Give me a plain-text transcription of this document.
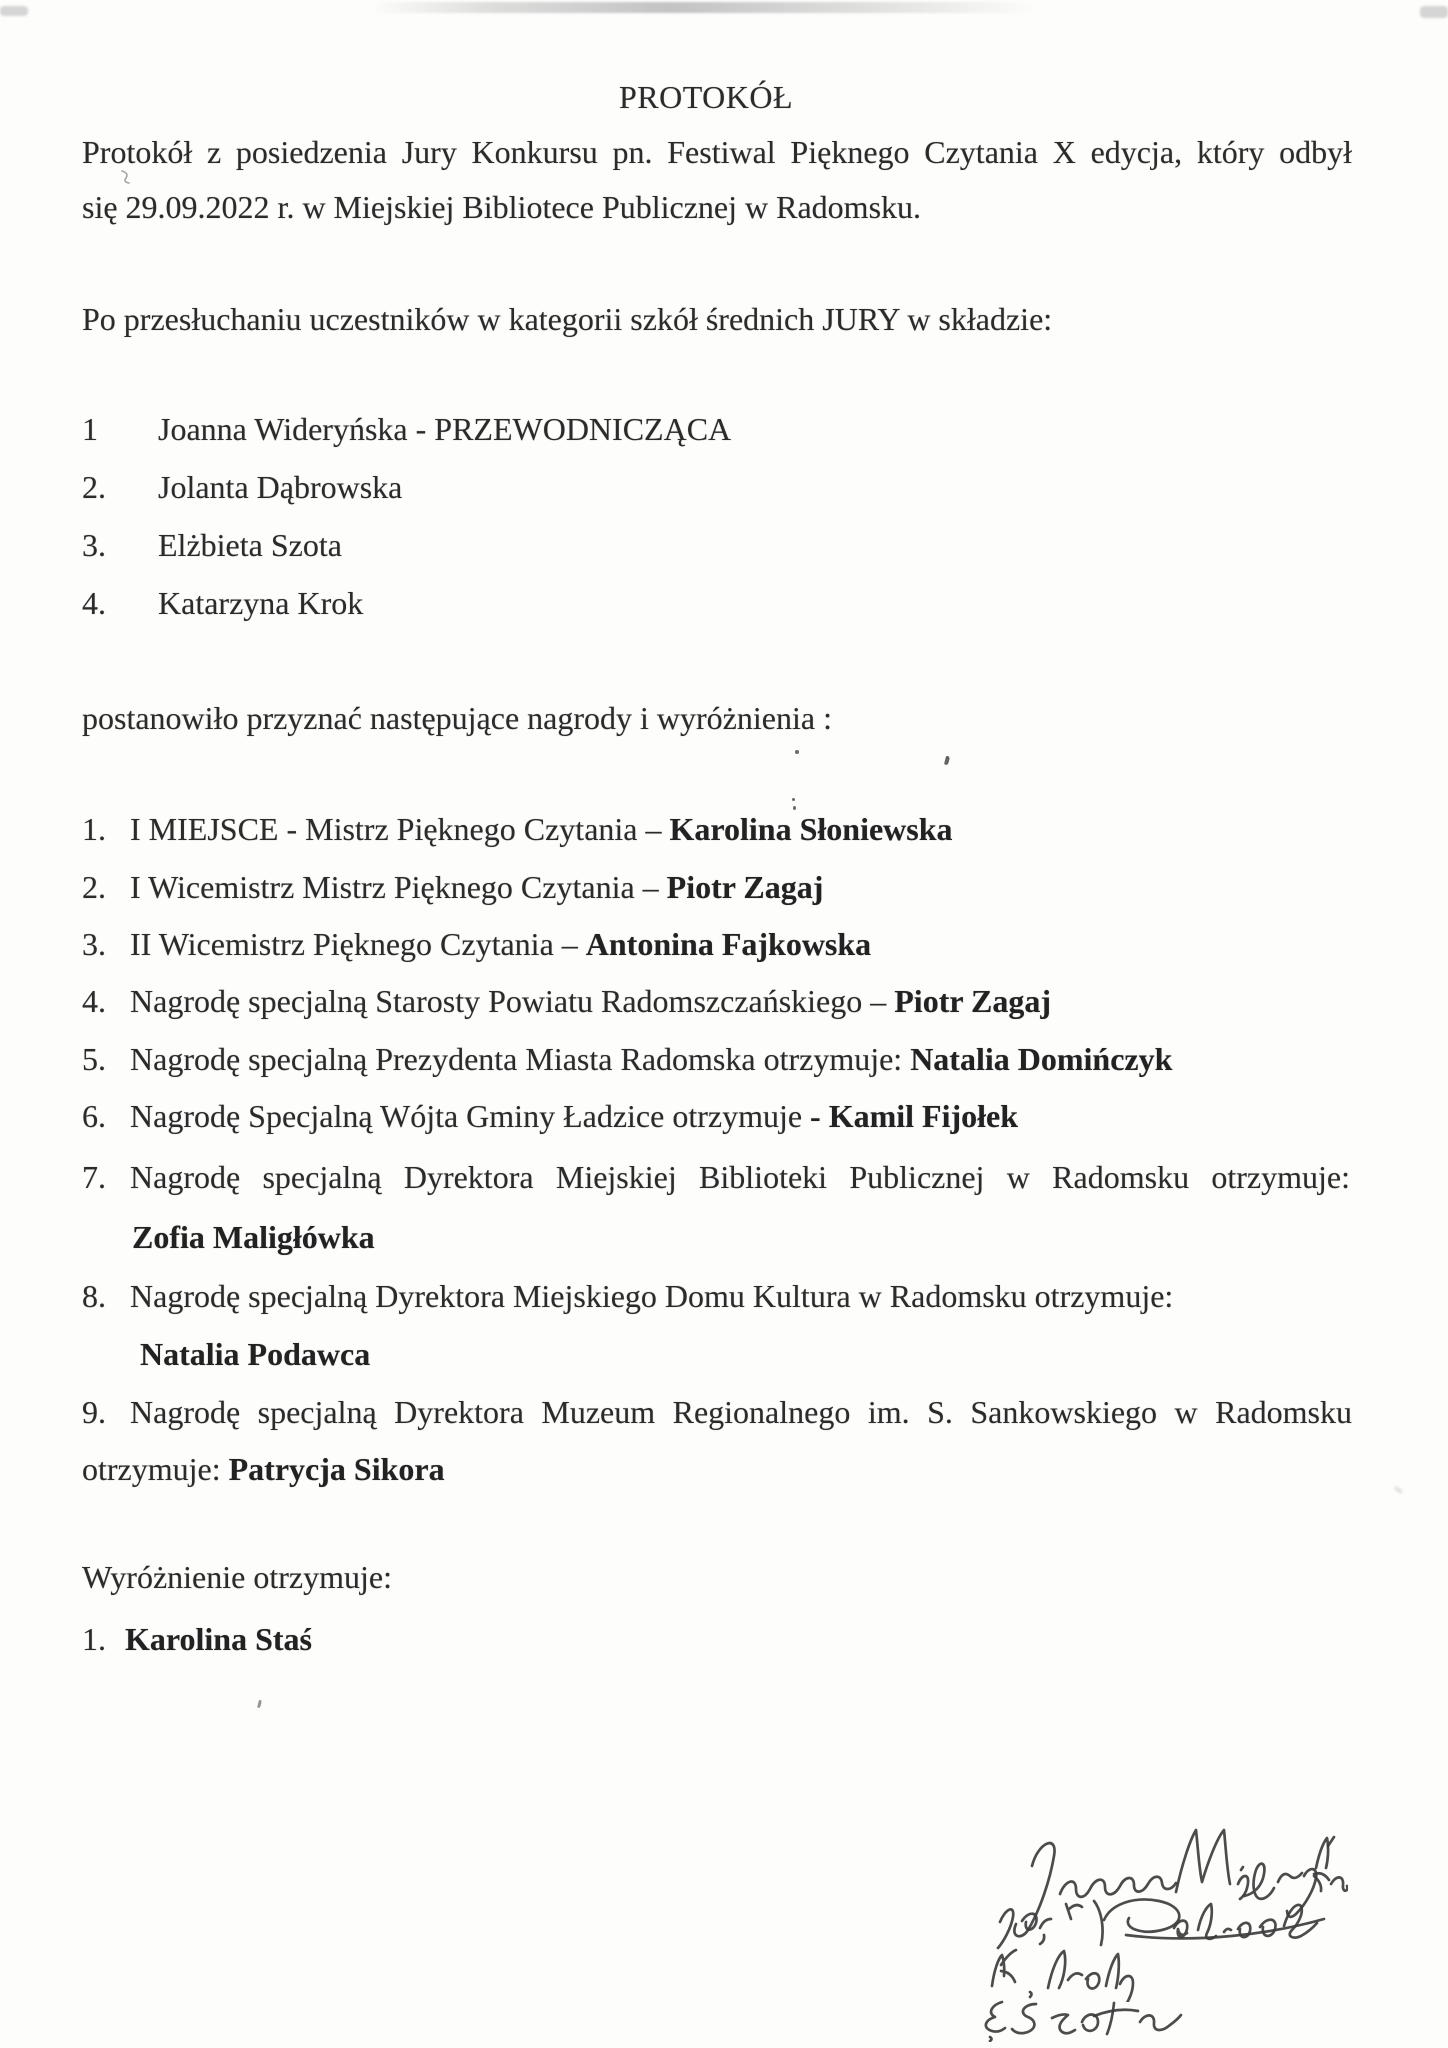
PROTOKÓŁ
Protokół z posiedzenia Jury Konkursu pn. Festiwal Pięknego Czytania X edycja, który odbył
się 29.09.2022 r. w Miejskiej Bibliotece Publicznej w Radomsku.
Po przesłuchaniu uczestników w kategorii szkół średnich JURY w składzie:
1 Joanna Wideryńska - PRZEWODNICZĄCA
2. Jolanta Dąbrowska
3. Elżbieta Szota
4. Katarzyna Krok
postanowiło przyznać następujące nagrody i wyróżnienia :
1. I MIEJSCE - Mistrz Pięknego Czytania – Karolina Słoniewska
2. I Wicemistrz Mistrz Pięknego Czytania – Piotr Zagaj
3. II Wicemistrz Pięknego Czytania – Antonina Fajkowska
4. Nagrodę specjalną Starosty Powiatu Radomszczańskiego – Piotr Zagaj
5. Nagrodę specjalną Prezydenta Miasta Radomska otrzymuje: Natalia Domińczyk
6. Nagrodę Specjalną Wójta Gminy Ładzice otrzymuje - Kamil Fijołek
7. Nagrodę specjalną Dyrektora Miejskiej Biblioteki Publicznej w Radomsku otrzymuje:
Zofia Maligłówka
8. Nagrodę specjalną Dyrektora Miejskiego Domu Kultura w Radomsku otrzymuje:
Natalia Podawca
9. Nagrodę specjalną Dyrektora Muzeum Regionalnego im. S. Sankowskiego w Radomsku
otrzymuje: Patrycja Sikora
Wyróżnienie otrzymuje:
1. Karolina Staś
